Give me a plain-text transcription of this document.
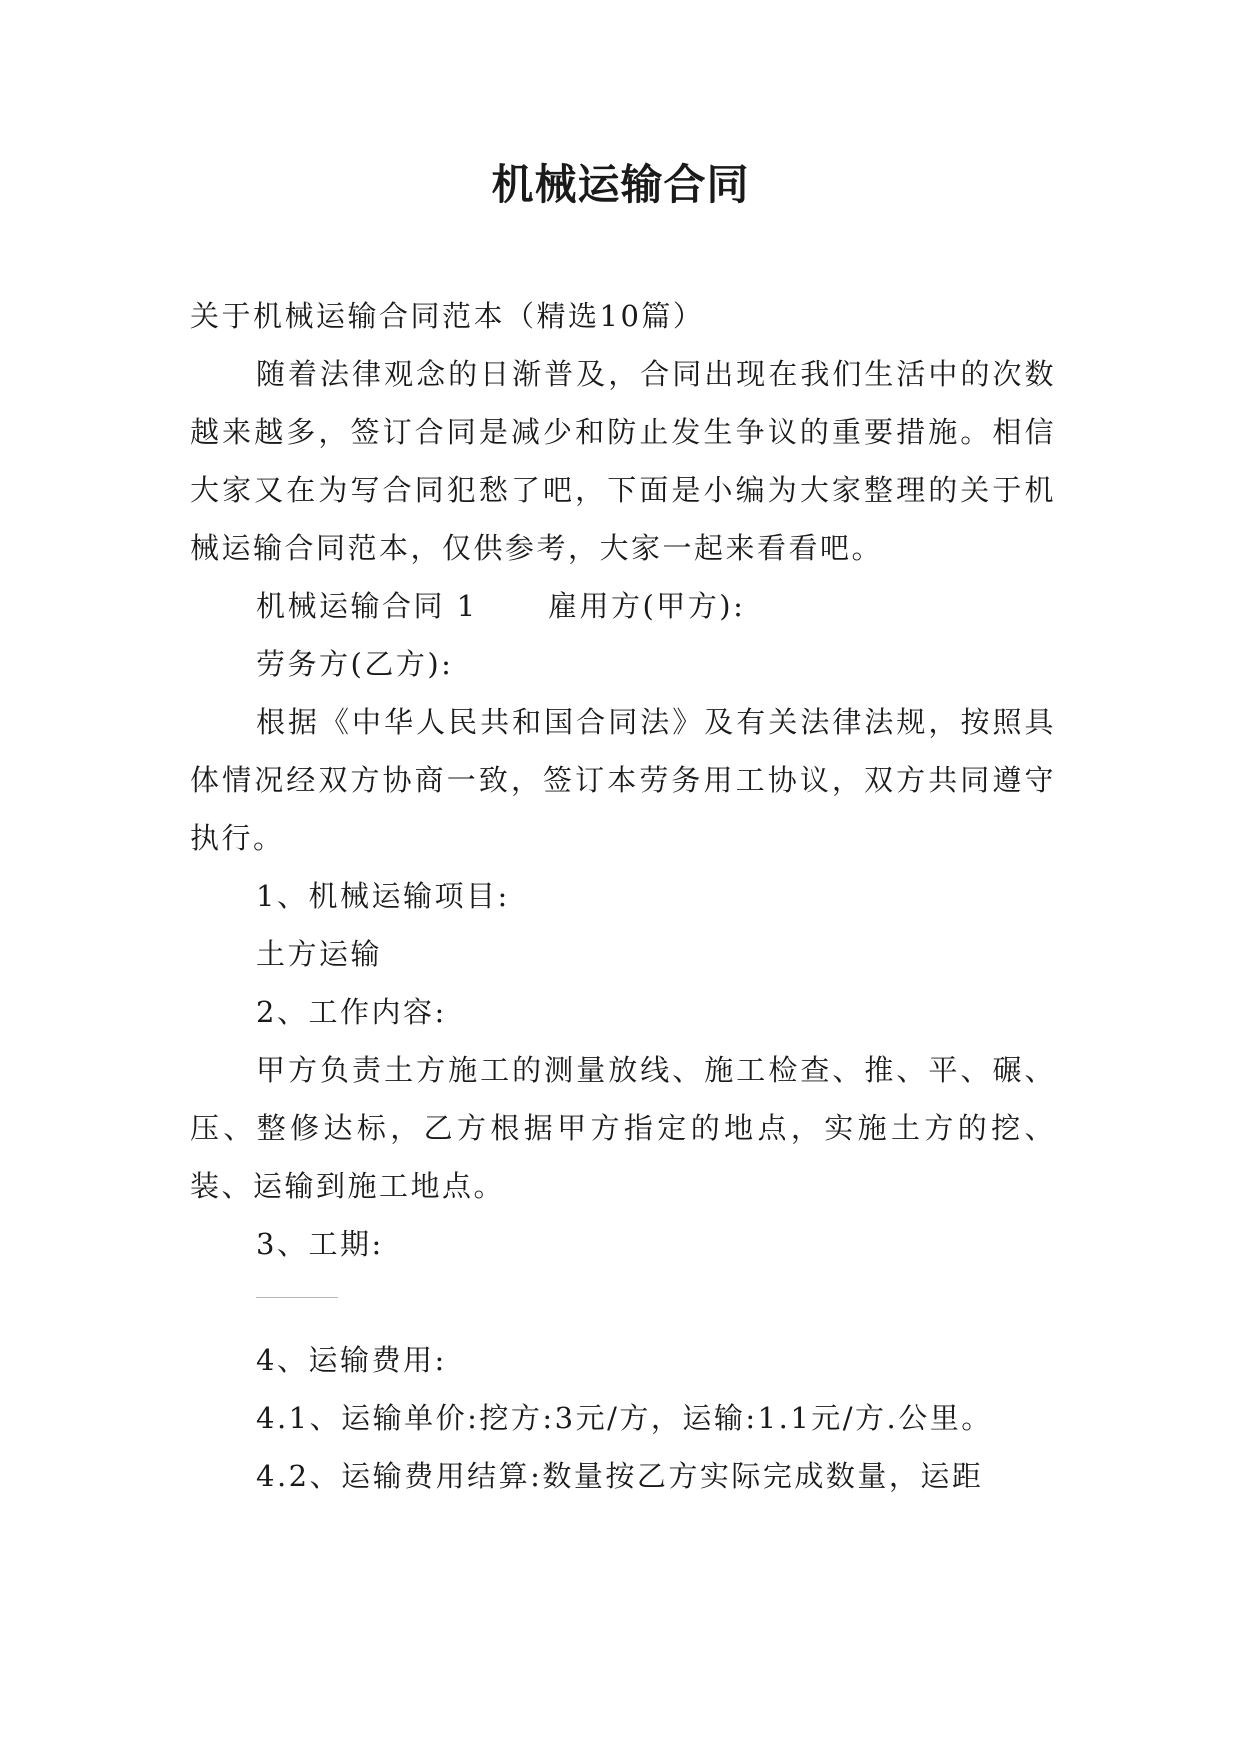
机械运输合同

关于机械运输合同范本（精选10篇）

随着法律观念的日渐普及，合同出现在我们生活中的次数越来越多，签订合同是减少和防止发生争议的重要措施。相信大家又在为写合同犯愁了吧，下面是小编为大家整理的关于机械运输合同范本，仅供参考，大家一起来看看吧。

机械运输合同 1 雇用方(甲方):

劳务方(乙方):

根据《中华人民共和国合同法》及有关法律法规，按照具体情况经双方协商一致，签订本劳务用工协议，双方共同遵守执行。

1、机械运输项目:

土方运输

2、工作内容:

甲方负责土方施工的测量放线、施工检查、推、平、碾、压、整修达标，乙方根据甲方指定的地点，实施土方的挖、装、运输到施工地点。

3、工期:

4、运输费用:

4.1、运输单价:挖方:3元/方，运输:1.1元/方.公里。

4.2、运输费用结算:数量按乙方实际完成数量，运距
